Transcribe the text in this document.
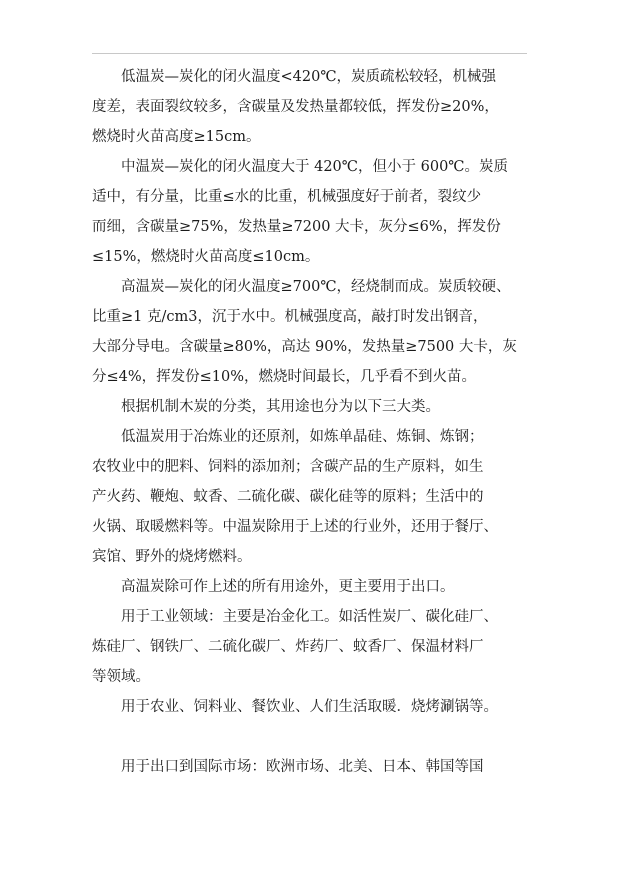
低温炭—炭化的闭火温度<420℃，炭质疏松较轻，机械强
度差，表面裂纹较多，含碳量及发热量都较低，挥发份≥20%，
燃烧时火苗高度≥15cm。
中温炭—炭化的闭火温度大于 420℃，但小于 600℃。炭质
适中，有分量，比重≤水的比重，机械强度好于前者，裂纹少
而细，含碳量≥75%，发热量≥7200 大卡，灰分≤6%，挥发份
≤15%，燃烧时火苗高度≤10cm。
高温炭—炭化的闭火温度≥700℃，经烧制而成。炭质较硬、
比重≥1 克/cm3，沉于水中。机械强度高，敲打时发出钢音，
大部分导电。含碳量≥80%，高达 90%，发热量≥7500 大卡，灰
分≤4%，挥发份≤10%，燃烧时间最长，几乎看不到火苗。
根据机制木炭的分类，其用途也分为以下三大类。
低温炭用于冶炼业的还原剂，如炼单晶硅、炼铜、炼钢；
农牧业中的肥料、饲料的添加剂；含碳产品的生产原料，如生
产火药、鞭炮、蚊香、二硫化碳、碳化硅等的原料；生活中的
火锅、取暖燃料等。中温炭除用于上述的行业外，还用于餐厅、
宾馆、野外的烧烤燃料。
高温炭除可作上述的所有用途外，更主要用于出口。
用于工业领域：主要是冶金化工。如活性炭厂、碳化硅厂、
炼硅厂、钢铁厂、二硫化碳厂、炸药厂、蚊香厂、保温材料厂
等领域。
用于农业、饲料业、餐饮业、人们生活取暖．烧烤涮锅等。
用于出口到国际市场：欧洲市场、北美、日本、韩国等国
